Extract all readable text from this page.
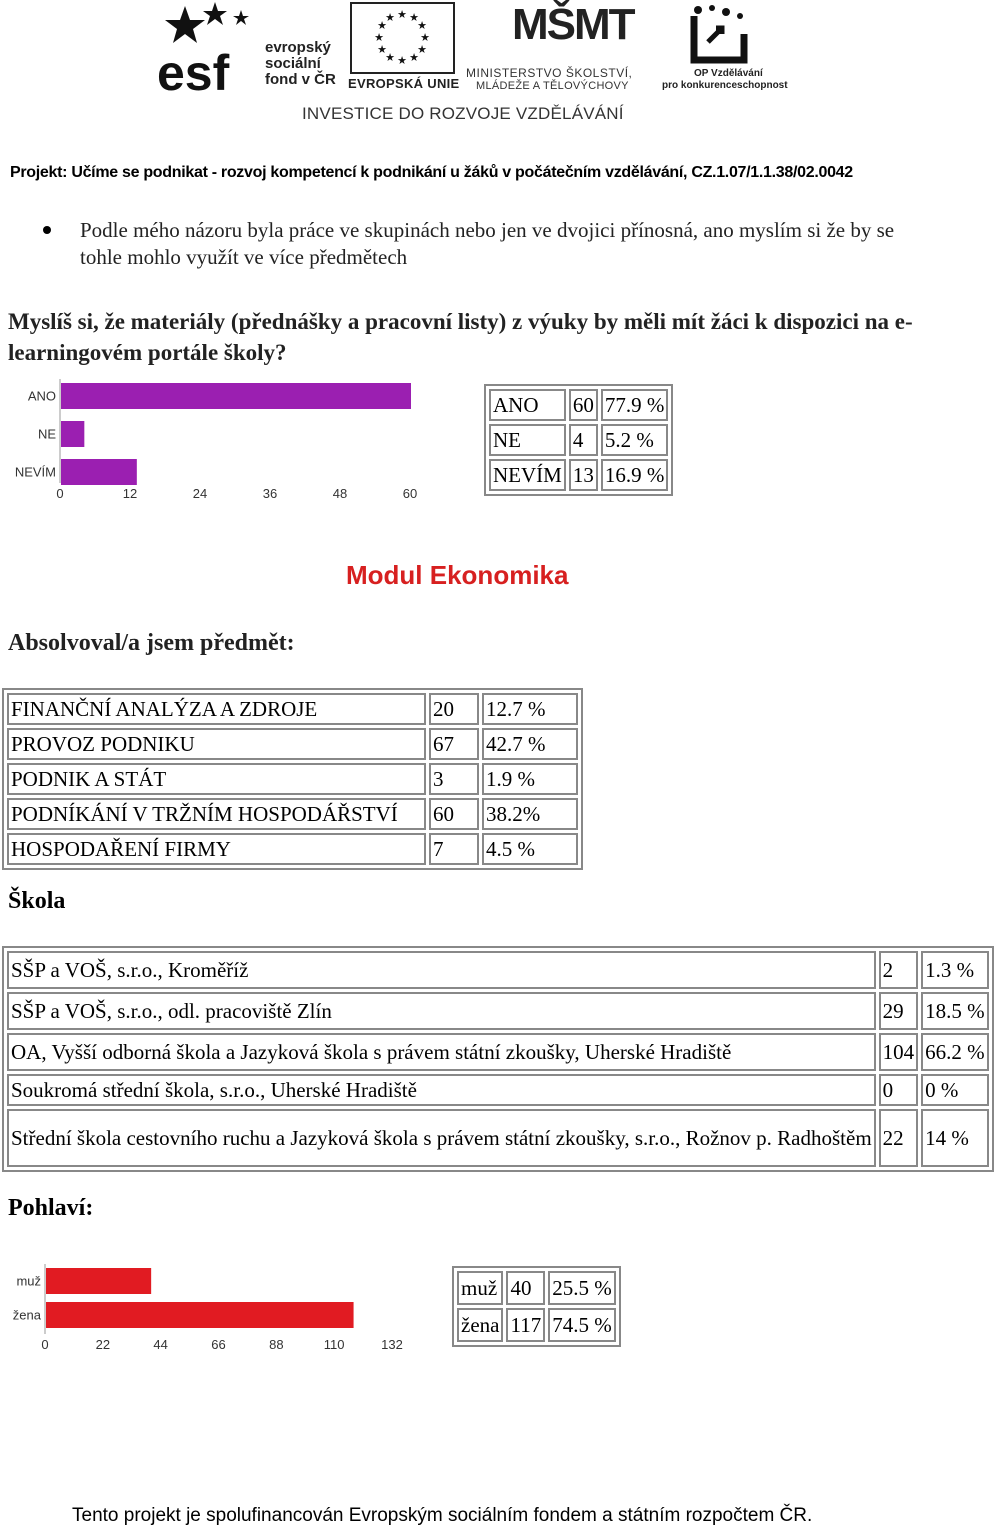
esf evropský
sociální
fond v ČR
★ ★
★
★
★
★
★
★
★
★
★
★
EVROPSKÁ UNIE
MŠMT
MINISTERSTVO ŠKOLSTVÍ,
MLÁDEŽE A TĚLOVÝCHOVY
OP Vzdělávání
pro konkurenceschopnost
INVESTICE DO ROZVOJE VZDĚLÁVÁNÍ
Projekt: Učíme se podnikat - rozvoj kompetencí k podnikání u žáků v počátečním vzdělávání, CZ.1.07/1.1.38/02.0042
Podle mého názoru byla práce ve skupinách nebo jen ve dvojici přínosná, ano myslím si že by se tohle mohlo využít ve více předmětech
Myslíš si, že materiály (přednášky a pracovní listy) z výuky by měli mít žáci k dispozici na e-learningovém portále školy?
ANO
NE
NEVÍM
0	12	24	36	48	60
ANO	60	77.9 %
NE	4	5.2 %
NEVÍM	13	16.9 %
Modul Ekonomika
Absolvoval/a jsem předmět:
FINANČNÍ ANALÝZA A ZDROJE	20	12.7 %
PROVOZ PODNIKU	67	42.7 %
PODNIK A STÁT	3	1.9 %
PODNÍKÁNÍ V TRŽNÍM HOSPODÁŘSTVÍ	60	38.2%
HOSPODAŘENÍ FIRMY	7	4.5 %
Škola
SŠP a VOŠ, s.r.o., Kroměříž	2	1.3 %
SŠP a VOŠ, s.r.o., odl. pracoviště Zlín	29	18.5 %
OA, Vyšší odborná škola a Jazyková škola s právem státní zkoušky, Uherské Hradiště	104	66.2 %
Soukromá střední škola, s.r.o., Uherské Hradiště	0	0 %
Střední škola cestovního ruchu a Jazyková škola s právem státní zkoušky, s.r.o., Rožnov p. Radhoštěm	22	14 %
Pohlaví:
muž
žena
0	22	44	66	88	110	132
muž	40	25.5 %
žena	117	74.5 %
Tento projekt je spolufinancován Evropským sociálním fondem a státním rozpočtem ČR.
